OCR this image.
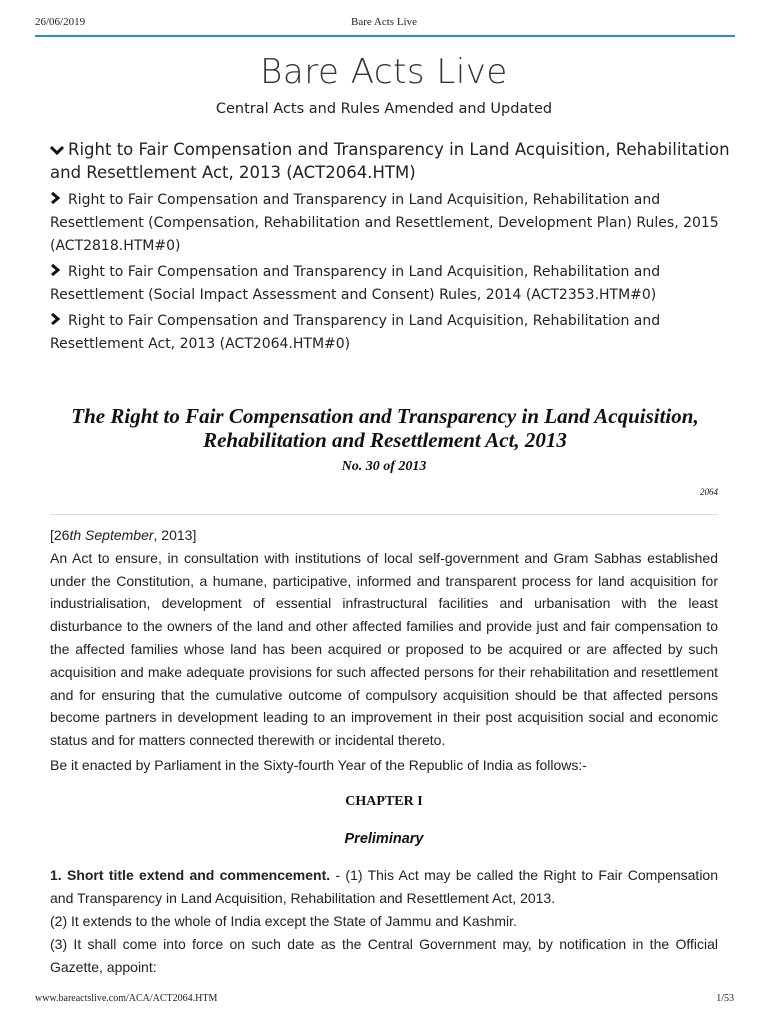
26/06/2019	Bare Acts Live
Bare Acts Live
Central Acts and Rules Amended and Updated
Right to Fair Compensation and Transparency in Land Acquisition, Rehabilitation and Resettlement Act, 2013 (ACT2064.HTM)
Right to Fair Compensation and Transparency in Land Acquisition, Rehabilitation and Resettlement (Compensation, Rehabilitation and Resettlement, Development Plan) Rules, 2015 (ACT2818.HTM#0)
Right to Fair Compensation and Transparency in Land Acquisition, Rehabilitation and Resettlement (Social Impact Assessment and Consent) Rules, 2014 (ACT2353.HTM#0)
Right to Fair Compensation and Transparency in Land Acquisition, Rehabilitation and Resettlement Act, 2013 (ACT2064.HTM#0)
The Right to Fair Compensation and Transparency in Land Acquisition, Rehabilitation and Resettlement Act, 2013
No. 30 of 2013
2064

[26th September, 2013]

An Act to ensure, in consultation with institutions of local self-government and Gram Sabhas established under the Constitution, a humane, participative, informed and transparent process for land acquisition for industrialisation, development of essential infrastructural facilities and urbanisation with the least disturbance to the owners of the land and other affected families and provide just and fair compensation to the affected families whose land has been acquired or proposed to be acquired or are affected by such acquisition and make adequate provisions for such affected persons for their rehabilitation and resettlement and for ensuring that the cumulative outcome of compulsory acquisition should be that affected persons become partners in development leading to an improvement in their post acquisition social and economic status and for matters connected therewith or incidental thereto.

Be it enacted by Parliament in the Sixty-fourth Year of the Republic of India as follows:-

CHAPTER I

Preliminary

1. Short title extend and commencement. - (1) This Act may be called the Right to Fair Compensation and Transparency in Land Acquisition, Rehabilitation and Resettlement Act, 2013.

(2) It extends to the whole of India except the State of Jammu and Kashmir.

(3) It shall come into force on such date as the Central Government may, by notification in the Official Gazette, appoint:

www.bareactslive.com/ACA/ACT2064.HTM	1/53
